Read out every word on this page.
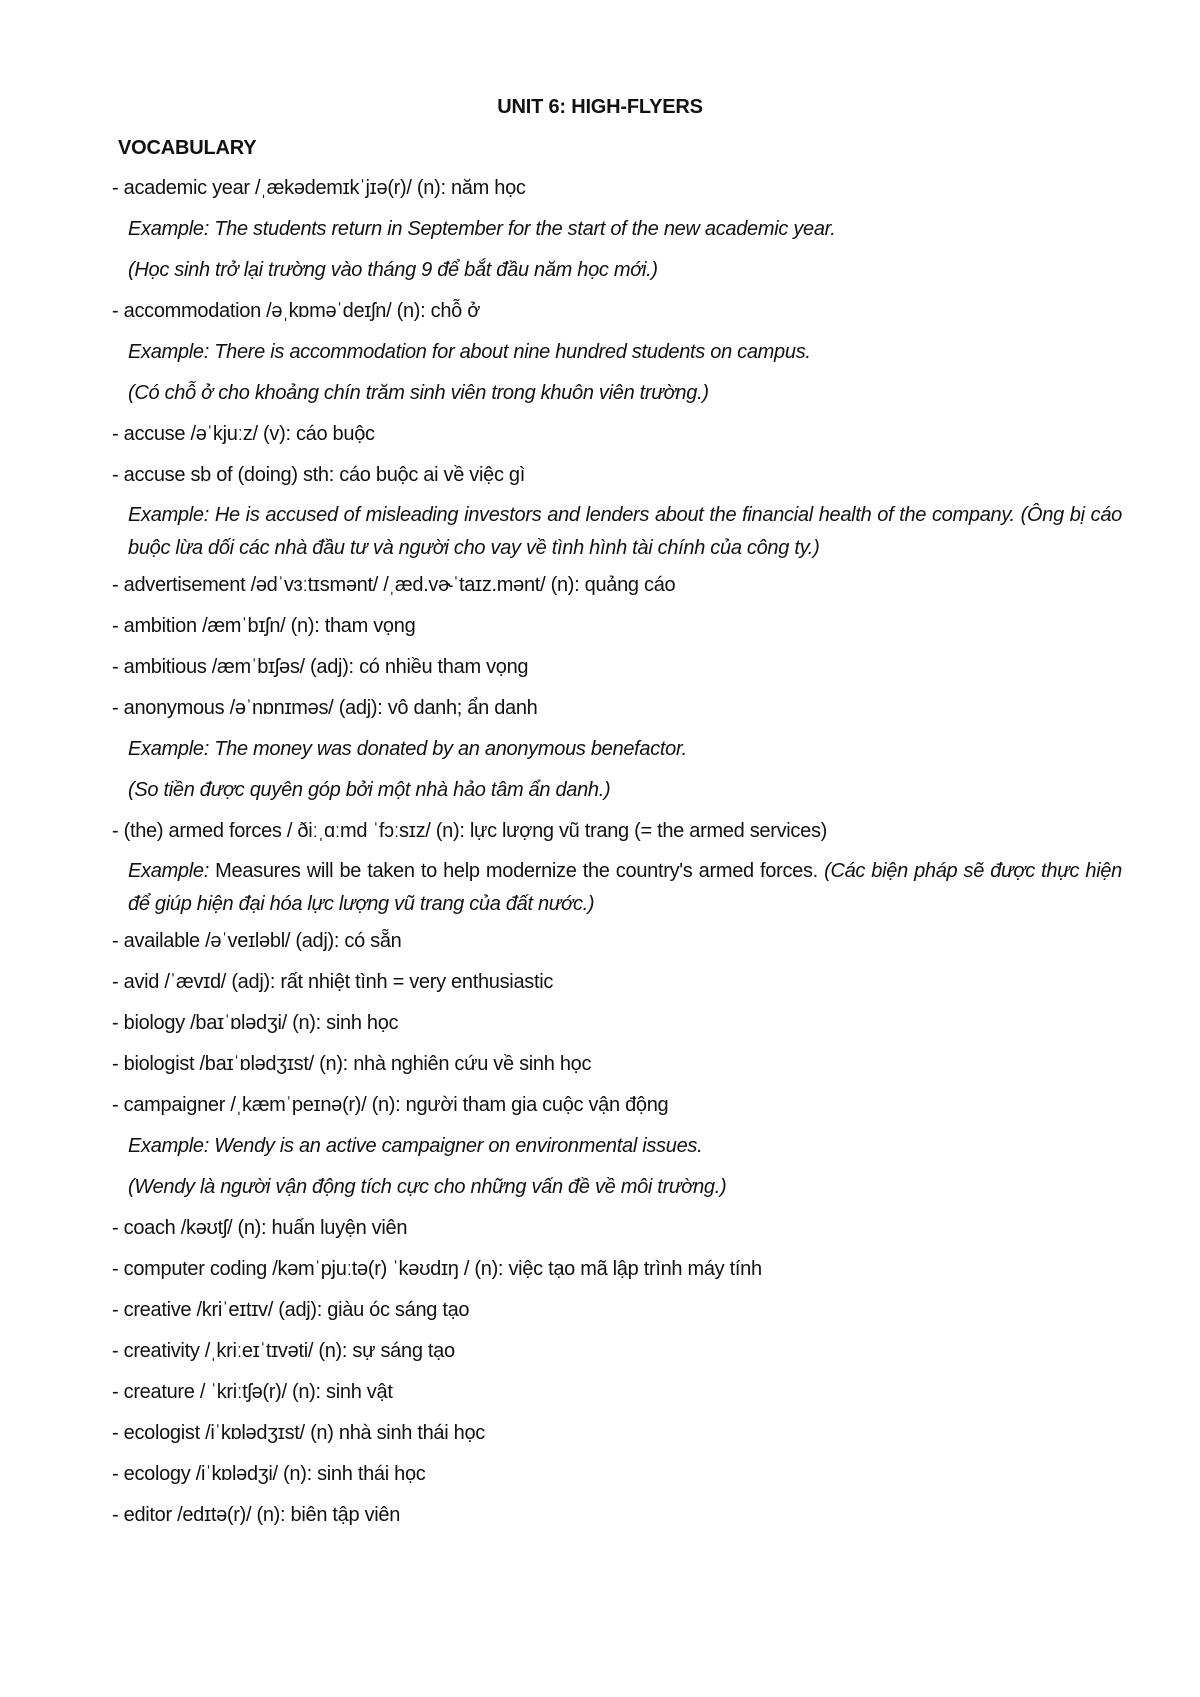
UNIT 6: HIGH-FLYERS
VOCABULARY
- academic year /ˌækədemɪkˈjɪə(r)/ (n): năm học
Example: The students return in September for the start of the new academic year.
(Học sinh trở lại trường vào tháng 9 để bắt đầu năm học mới.)
- accommodation /əˌkɒməˈdeɪʃn/ (n): chỗ ở
Example: There is accommodation for about nine hundred students on campus.
(Có chỗ ở cho khoảng chín trăm sinh viên trong khuôn viên trường.)
- accuse /əˈkjuːz/ (v): cáo buộc
- accuse sb of (doing) sth: cáo buộc ai về việc gì
Example: He is accused of misleading investors and lenders about the financial health of the company. (Ông bị cáo buộc lừa dối các nhà đầu tư và người cho vay về tình hình tài chính của công ty.)
- advertisement /ədˈvɜːtɪsmənt/ /ˌæd.vɚˈtaɪz.mənt/ (n): quảng cáo
- ambition /æmˈbɪʃn/ (n): tham vọng
- ambitious /æmˈbɪʃəs/ (adj): có nhiều tham vọng
- anonymous /əˈnɒnɪməs/ (adj): vô danh; ẩn danh
Example: The money was donated by an anonymous benefactor.
(So tiền được quyên góp bởi một nhà hảo tâm ẩn danh.)
- (the) armed forces / ðiːˌɑːmd ˈfɔːsɪz/ (n): lực lượng vũ trang (= the armed services)
Example: Measures will be taken to help modernize the country's armed forces. (Các biện pháp sẽ được thực hiện để giúp hiện đại hóa lực lượng vũ trang của đất nước.)
- available /əˈveɪləbl/ (adj): có sẵn
- avid /ˈævɪd/ (adj): rất nhiệt tình = very enthusiastic
- biology /baɪˈɒlədʒi/ (n): sinh học
- biologist /baɪˈɒlədʒɪst/ (n): nhà nghiên cứu về sinh học
- campaigner /ˌkæmˈpeɪnə(r)/ (n): người tham gia cuộc vận động
Example: Wendy is an active campaigner on environmental issues.
(Wendy là người vận động tích cực cho những vấn đề về môi trường.)
- coach /kəʊtʃ/ (n): huấn luyện viên
- computer coding /kəmˈpjuːtə(r) ˈkəʊdɪŋ / (n): việc tạo mã lập trình máy tính
- creative /kriˈeɪtɪv/ (adj): giàu óc sáng tạo
- creativity /ˌkriːeɪˈtɪvəti/ (n): sự sáng tạo
- creature / ˈkriːtʃə(r)/ (n): sinh vật
- ecologist /iˈkɒlədʒɪst/ (n) nhà sinh thái học
- ecology /iˈkɒlədʒi/ (n): sinh thái học
- editor /edɪtə(r)/ (n): biên tập viên
